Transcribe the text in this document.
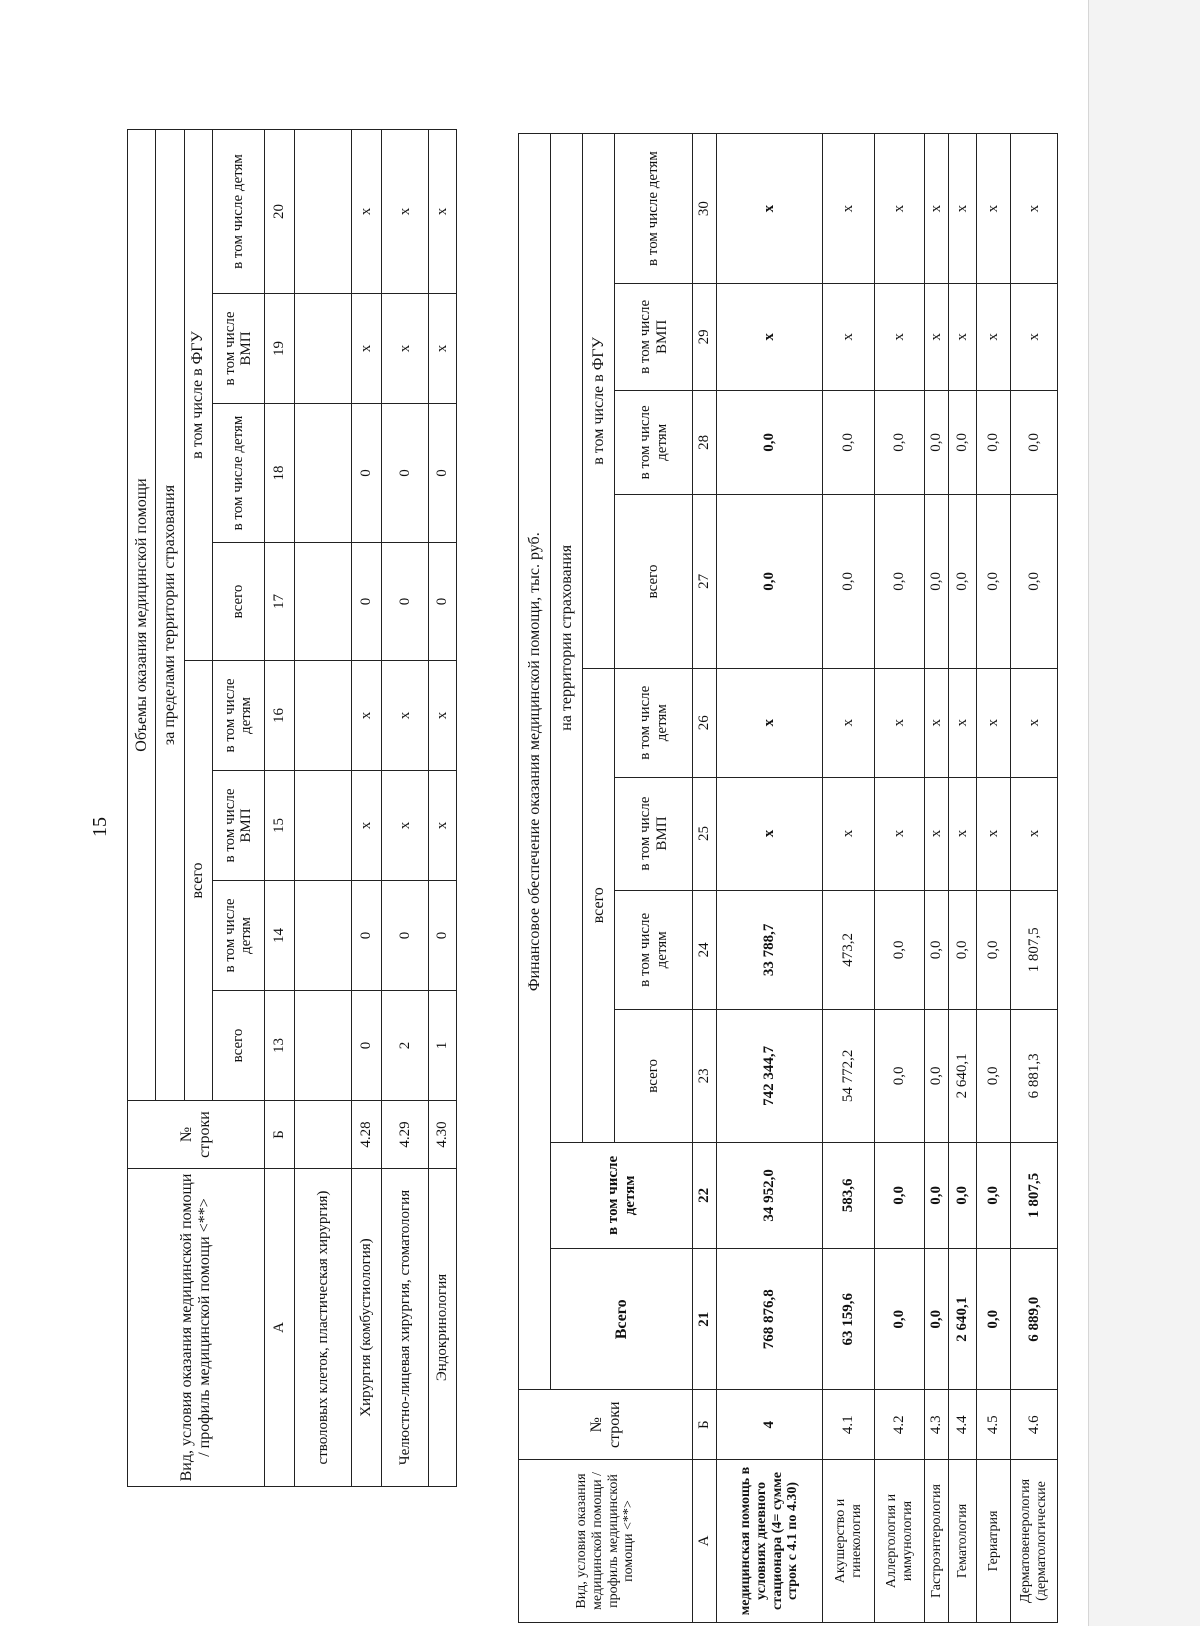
15
Вид, условия оказания медицинской помощи / профиль медицинской помощи <**>	№ строки	Объемы оказания медицинской помощи							
		за пределами территории страхования							
		всего				в том числе в ФГУ			
		всего	в том числе детям	в том числе ВМП	в том числе детям	всего	в том числе детям	в том числе ВМП	в том числе детям
А	Б	13	14	15	16	17	18	19	20
стволовых клеток, пластическая хирургия)									
Хирургия (комбустиология)	4.28	0	0	х	х	0	0	х	х
Челюстно-лицевая хирургия, стоматология	4.29	2	0	х	х	0	0	х	х
Эндокринология	4.30	1	0	х	х	0	0	х	х
Вид, условия оказания медицинской помощи / профиль медицинской помощи <**>	№ строки	Финансовое обеспечение оказания медицинской помощи, тыс. руб.									
		Всего	в том числе детям	на территории страхования							
				всего				в том числе в ФГУ			
				всего	в том числе детям	в том числе ВМП	в том числе детям	всего	в том числе детям	в том числе ВМП	в том числе детям
А	Б	21	22	23	24	25	26	27	28	29	30
медицинская помощь в условиях дневного стационара (4= сумме строк с 4.1 по 4.30)	4	768 876,8	34 952,0	742 344,7	33 788,7	х	х	0,0	0,0	х	х
Акушерство и гинекология	4.1	63 159,6	583,6	54 772,2	473,2	х	х	0,0	0,0	х	х
Аллергология и иммунология	4.2	0,0	0,0	0,0	0,0	х	х	0,0	0,0	х	х
Гастроэнтерология	4.3	0,0	0,0	0,0	0,0	х	х	0,0	0,0	х	х
Гематология	4.4	2 640,1	0,0	2 640,1	0,0	х	х	0,0	0,0	х	х
Гериатрия	4.5	0,0	0,0	0,0	0,0	х	х	0,0	0,0	х	х
Дерматовенерология (дерматологические	4.6	6 889,0	1 807,5	6 881,3	1 807,5	х	х	0,0	0,0	х	х
